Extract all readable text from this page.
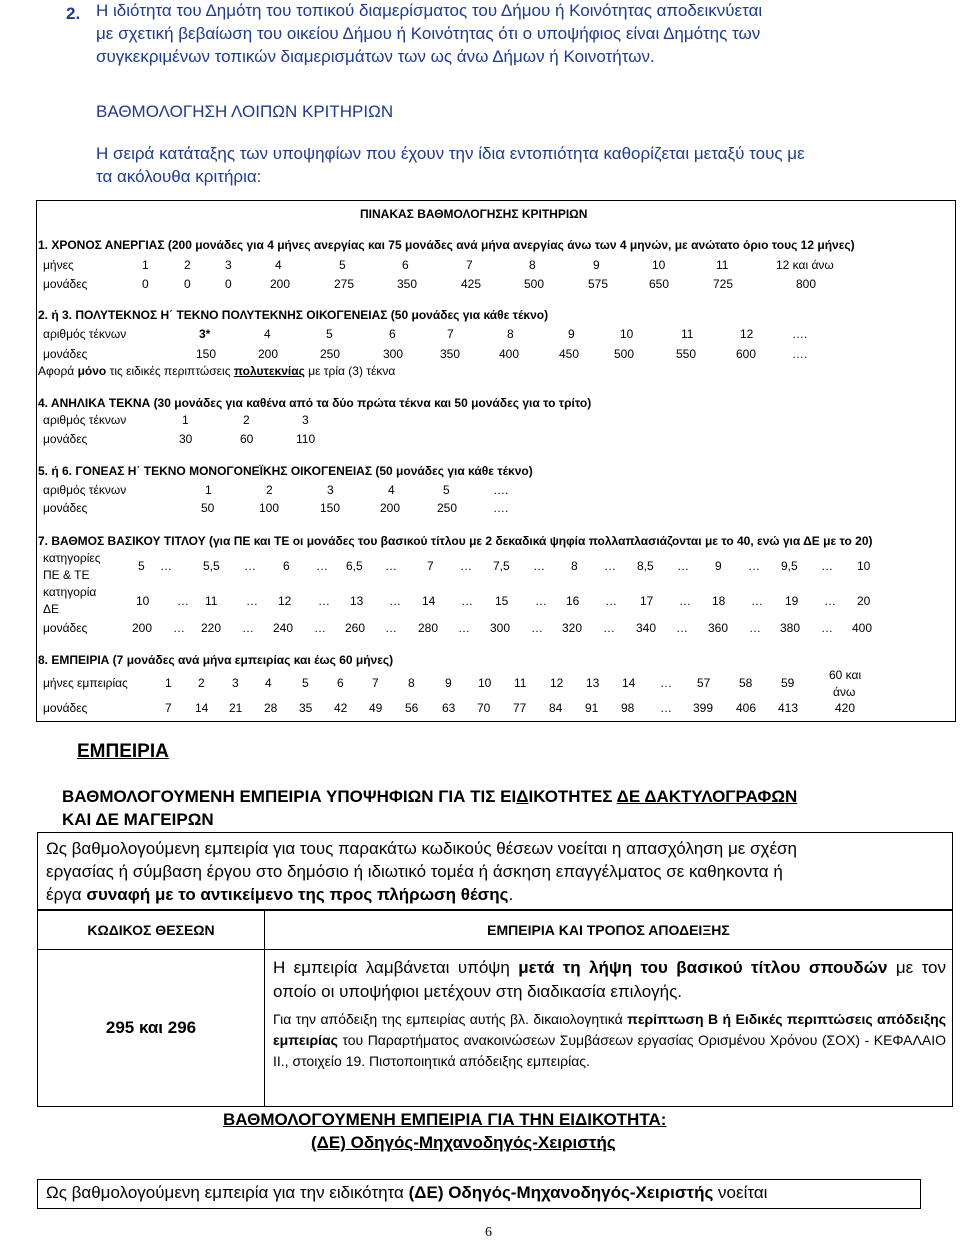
2. Η ιδιότητα του Δημότη του τοπικού διαμερίσματος του Δήμου ή Κοινότητας αποδεικνύεται
με σχετική βεβαίωση του οικείου Δήμου ή Κοινότητας ότι ο υποψήφιος είναι Δημότης των
συγκεκριμένων τοπικών διαμερισμάτων των ως άνω Δήμων ή Κοινοτήτων.
ΒΑΘΜΟΛΟΓΗΣΗ ΛΟΙΠΩΝ ΚΡΙΤΗΡΙΩΝ
Η σειρά κατάταξης των υποψηφίων που έχουν την ίδια εντοπιότητα καθορίζεται μεταξύ τους με
τα ακόλουθα κριτήρια:
ΠΙΝΑΚΑΣ ΒΑΘΜΟΛΟΓΗΣΗΣ ΚΡΙΤΗΡΙΩΝ
1. ΧΡΟΝΟΣ ΑΝΕΡΓΙΑΣ (200 μονάδες για 4 μήνες ανεργίας και 75 μονάδες ανά μήνα ανεργίας άνω των 4 μηνών, με ανώτατο όριο τους 12 μήνες)
μήνες	1	2	3	4	5	6	7	8	9	10	11	12 και άνω
μονάδες	0	0	0	200	275	350	425	500	575	650	725	800
2. ή 3. ΠΟΛΥΤΕΚΝΟΣ Η΄ ΤΕΚΝΟ ΠΟΛΥΤΕΚΝΗΣ ΟΙΚΟΓΕΝΕΙΑΣ (50 μονάδες για κάθε τέκνο)
αριθμός τέκνων	3*	4	5	6	7	8	9	10	11	12	….
μονάδες	150	200	250	300	350	400	450	500	550	600	….
Αφορά μόνο τις ειδικές περιπτώσεις πολυτεκνίας με τρία (3) τέκνα
4. ΑΝΗΛΙΚΑ ΤΕΚΝΑ (30 μονάδες για καθένα από τα δύο πρώτα τέκνα και 50 μονάδες για το τρίτο)
αριθμός τέκνων	1	2	3
μονάδες	30	60	110
5. ή 6. ΓΟΝΕΑΣ Η΄ ΤΕΚΝΟ ΜΟΝΟΓΟΝΕΪΚΗΣ ΟΙΚΟΓΕΝΕΙΑΣ (50 μονάδες για κάθε τέκνο)
αριθμός τέκνων	1	2	3	4	5	….
μονάδες	50	100	150	200	250	….
7. ΒΑΘΜΟΣ ΒΑΣΙΚΟΥ ΤΙΤΛΟΥ (για ΠΕ και ΤΕ οι μονάδες του βασικού τίτλου με 2 δεκαδικά ψηφία πολλαπλασιάζονται με το 40, ενώ για ΔΕ με το 20)
κατηγορίες
ΠΕ & ΤΕ
5 …	5,5 … 6 … 6,5 …	7 … 7,5 … 8 … 8,5 … 9 … 9,5 … 10
κατηγορία
ΔΕ
10 … 11 … 12 … 13 … 14 … 15 … 16 … 17 … 18 … 19 … 20
μονάδες	200 … 220 … 240 … 260 … 280 … 300 … 320 … 340 … 360 … 380 … 400
8. ΕΜΠΕΙΡΙΑ (7 μονάδες ανά μήνα εμπειρίας και έως 60 μήνες)
μήνες εμπειρίας	1 2 3 4	5 6 7 8	9 10 11 12 13 14 … 57 58 59
60 και
άνω
μονάδες	7 14 21 28 35 42 49 56 63 70 77 84 91 98 … 399 406 413	420
ΕΜΠΕΙΡΙΑ
ΒΑΘΜΟΛΟΓΟΥΜΕΝΗ ΕΜΠΕΙΡΙΑ ΥΠΟΨΗΦΙΩΝ ΓΙΑ ΤΙΣ ΕΙΔΙΚΟΤΗΤΕΣ ΔΕ ΔΑΚΤΥΛΟΓΡΑΦΩΝ
ΚΑΙ ΔΕ ΜΑΓΕΙΡΩΝ
Ως βαθμολογούμενη εμπειρία για τους παρακάτω κωδικούς θέσεων νοείται η απασχόληση με σχέση
εργασίας ή σύμβαση έργου στο δημόσιο ή ιδιωτικό τομέα ή άσκηση επαγγέλματος σε καθηκοντα ή
έργα συναφή με το αντικείμενο της προς πλήρωση θέσης.
ΚΩΔΙΚΟΣ ΘΕΣΕΩΝ	ΕΜΠΕΙΡΙΑ ΚΑΙ ΤΡΟΠΟΣ ΑΠΟΔΕΙΞΗΣ
295 και 296	Η εμπειρία λαμβάνεται υπόψη μετά τη λήψη του βασικού τίτλου σπουδών με τον οποίο οι υποψήφιοι μετέχουν στη διαδικασία επιλογής.
Για την απόδειξη της εμπειρίας αυτής βλ. δικαιολογητικά περίπτωση Β ή Ειδικές περιπτώσεις απόδειξης εμπειρίας του Παραρτήματος ανακοινώσεων Συμβάσεων εργασίας Ορισμένου Χρόνου (ΣΟΧ) - ΚΕΦΑΛΑΙΟ ΙΙ., στοιχείο 19. Πιστοποιητικά απόδειξης εμπειρίας.
ΒΑΘΜΟΛΟΓΟΥΜΕΝΗ ΕΜΠΕΙΡΙΑ ΓΙΑ ΤΗΝ ΕΙΔΙΚΟΤΗΤΑ:
(ΔΕ) Οδηγός-Μηχανοδηγός-Χειριστής
Ως βαθμολογούμενη εμπειρία για την ειδικότητα (ΔΕ) Οδηγός-Μηχανοδηγός-Χειριστής νοείται
6
